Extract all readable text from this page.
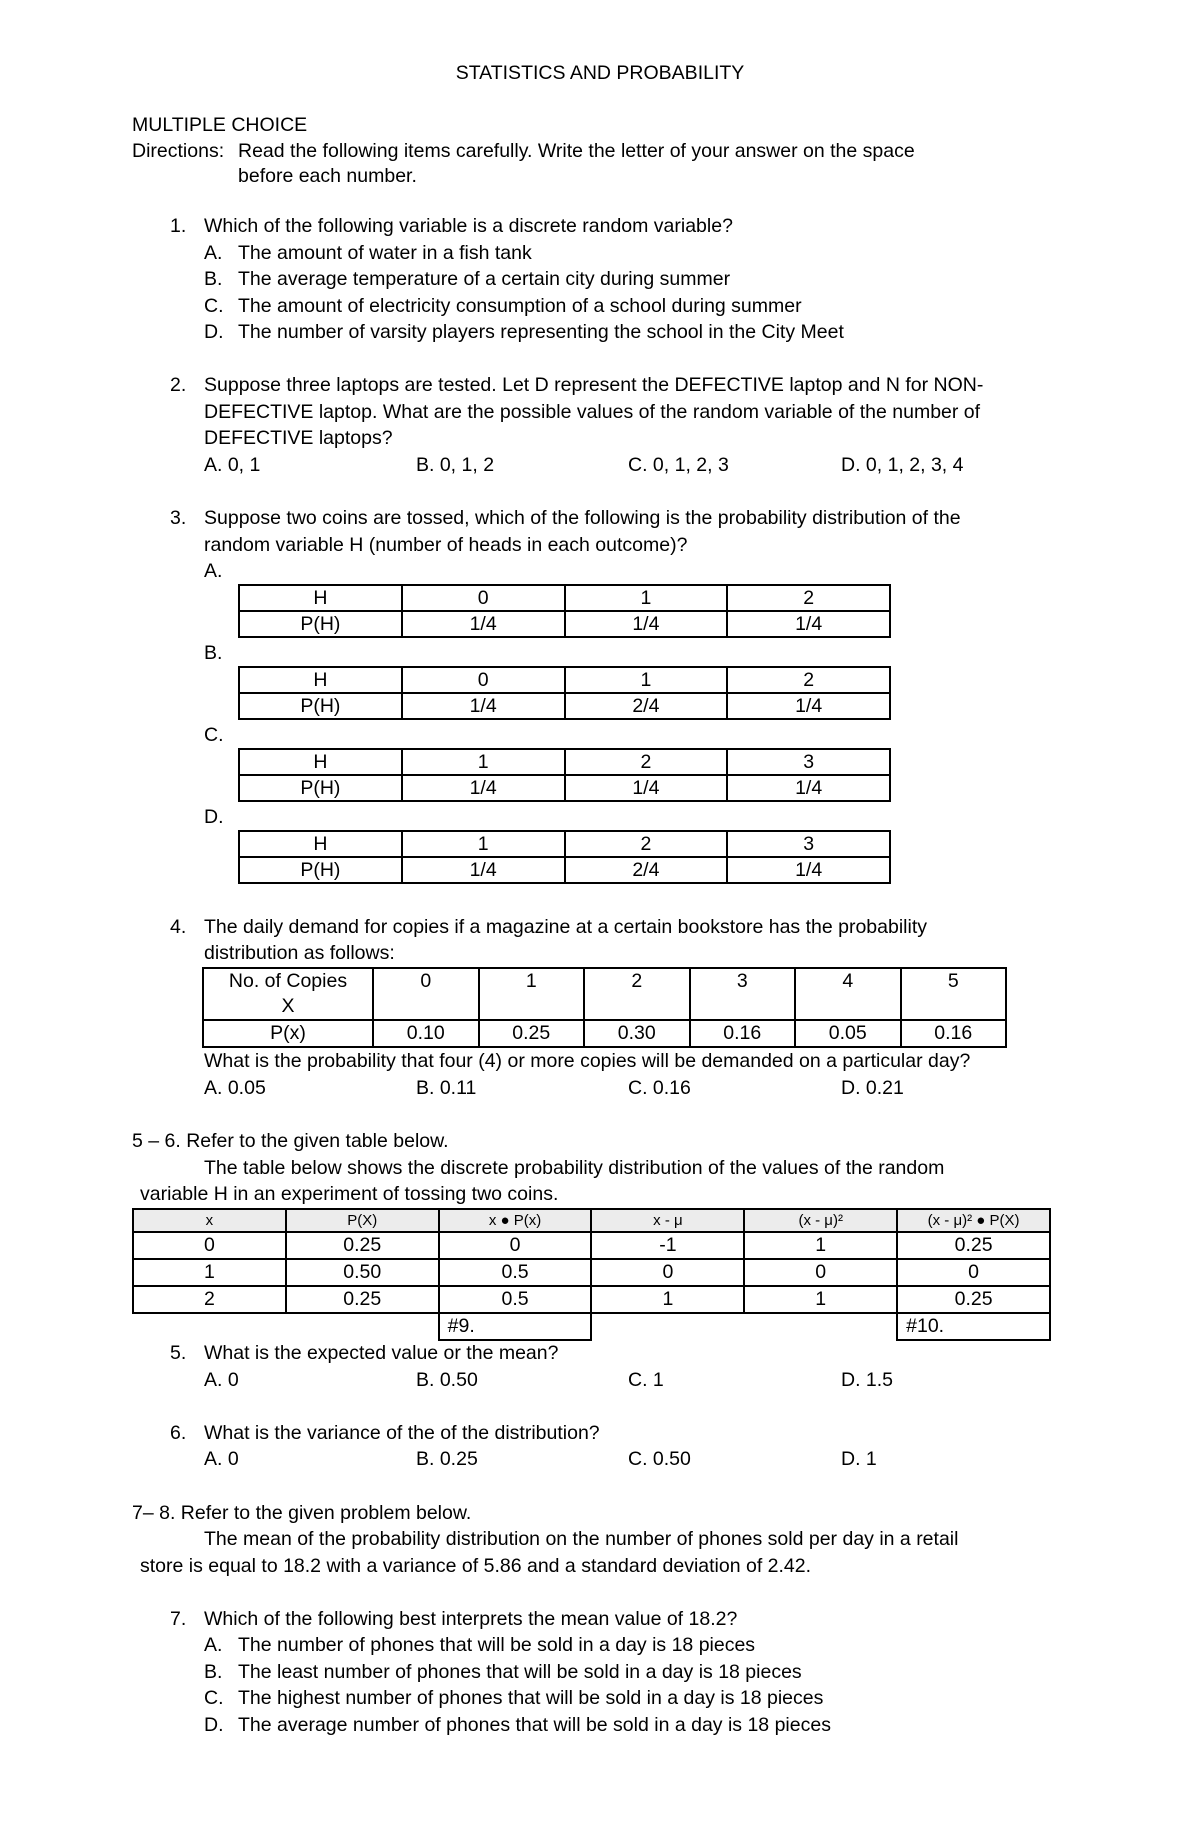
STATISTICS AND PROBABILITY
MULTIPLE CHOICE
Directions: Read the following items carefully. Write the letter of your answer on the space
before each number.
1. Which of the following variable is a discrete random variable?
A. The amount of water in a fish tank
B. The average temperature of a certain city during summer
C. The amount of electricity consumption of a school during summer
D. The number of varsity players representing the school in the City Meet
2. Suppose three laptops are tested. Let D represent the DEFECTIVE laptop and N for NON-
DEFECTIVE laptop. What are the possible values of the random variable of the number of
DEFECTIVE laptops?
A. 0, 1	B. 0, 1, 2	C. 0, 1, 2, 3	D. 0, 1, 2, 3, 4
3. Suppose two coins are tossed, which of the following is the probability distribution of the
random variable H (number of heads in each outcome)?
A.
H	0	1	2
P(H)	1/4	1/4	1/4
B.
H	0	1	2
P(H)	1/4	2/4	1/4
C.
H	1	2	3
P(H)	1/4	1/4	1/4
D.
H	1	2	3
P(H)	1/4	2/4	1/4
4. The daily demand for copies if a magazine at a certain bookstore has the probability
distribution as follows:
No. of Copies
X	0	1	2	3	4	5
P(x)	0.10	0.25	0.30	0.16	0.05	0.16
What is the probability that four (4) or more copies will be demanded on a particular day?
A. 0.05	B. 0.11	C. 0.16	D. 0.21
5 – 6. Refer to the given table below.
The table below shows the discrete probability distribution of the values of the random
variable H in an experiment of tossing two coins.
x	P(X)	x ● P(x)	x - μ	(x - μ)²	(x - μ)² ● P(X)
0	0.25	0	-1	1	0.25
1	0.50	0.5	0	0	0
2	0.25	0.5	1	1	0.25
		#9.			#10.
5. What is the expected value or the mean?
A. 0	B. 0.50	C. 1	D. 1.5
6. What is the variance of the of the distribution?
A. 0	B. 0.25	C. 0.50	D. 1
7– 8. Refer to the given problem below.
The mean of the probability distribution on the number of phones sold per day in a retail
store is equal to 18.2 with a variance of 5.86 and a standard deviation of 2.42.
7. Which of the following best interprets the mean value of 18.2?
A. The number of phones that will be sold in a day is 18 pieces
B. The least number of phones that will be sold in a day is 18 pieces
C. The highest number of phones that will be sold in a day is 18 pieces
D. The average number of phones that will be sold in a day is 18 pieces
